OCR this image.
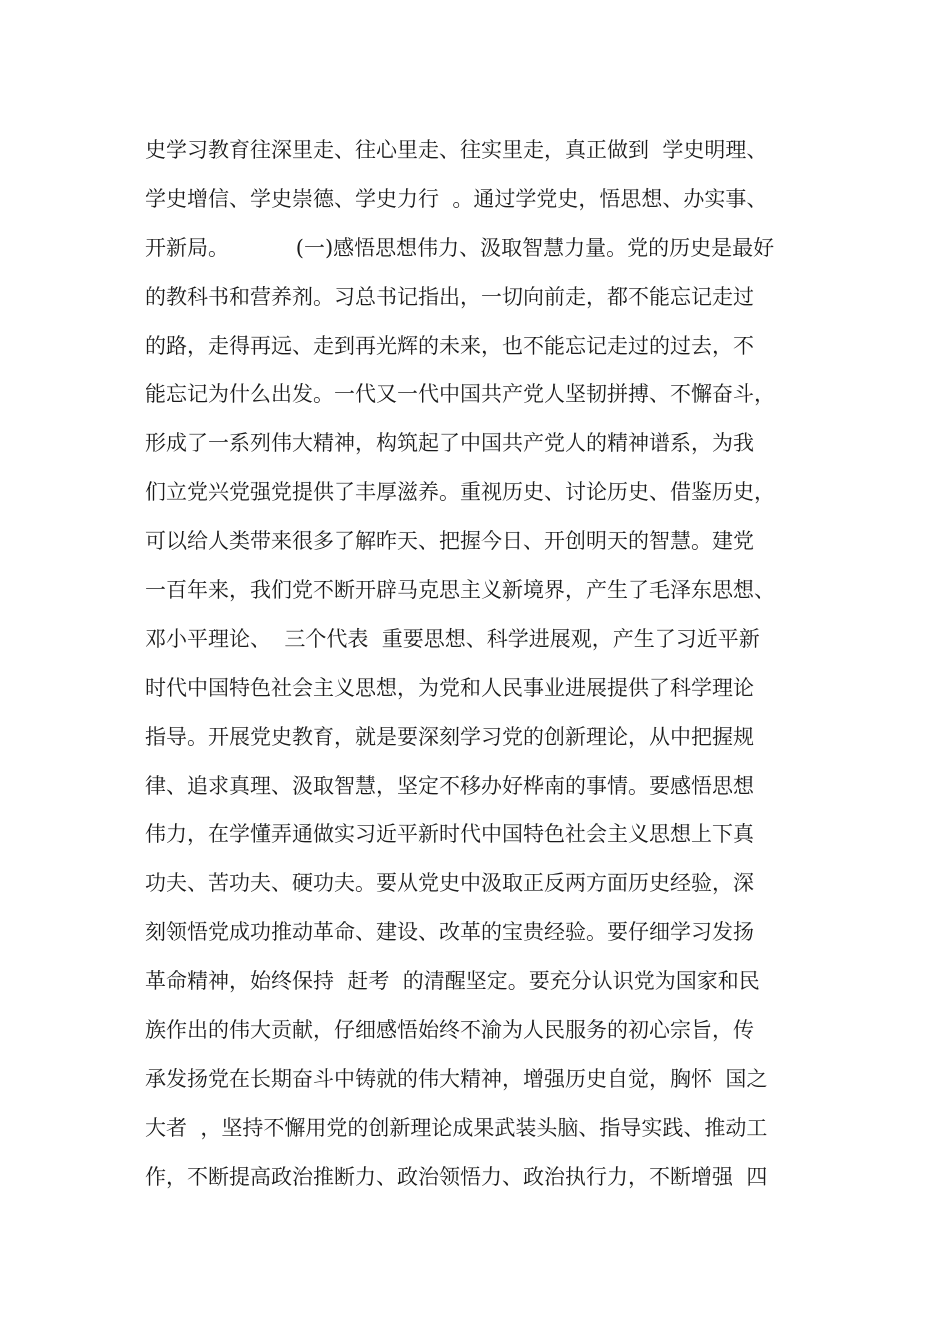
史学习教育往深里走、往心里走、往实里走，真正做到  学史明理、
学史增信、学史崇德、学史力行  。通过学党史，悟思想、办实事、
开新局。          (一)感悟思想伟力、汲取智慧力量。党的历史是最好
的教科书和营养剂。习总书记指出，一切向前走，都不能忘记走过
的路，走得再远、走到再光辉的未来，也不能忘记走过的过去，不
能忘记为什么出发。一代又一代中国共产党人坚韧拼搏、不懈奋斗，
形成了一系列伟大精神，构筑起了中国共产党人的精神谱系，为我
们立党兴党强党提供了丰厚滋养。重视历史、讨论历史、借鉴历史，
可以给人类带来很多了解昨天、把握今日、开创明天的智慧。建党
一百年来，我们党不断开辟马克思主义新境界，产生了毛泽东思想、
邓小平理论、  三个代表  重要思想、科学进展观，产生了习近平新
时代中国特色社会主义思想，为党和人民事业进展提供了科学理论
指导。开展党史教育，就是要深刻学习党的创新理论，从中把握规
律、追求真理、汲取智慧，坚定不移办好桦南的事情。要感悟思想
伟力，在学懂弄通做实习近平新时代中国特色社会主义思想上下真
功夫、苦功夫、硬功夫。要从党史中汲取正反两方面历史经验，深
刻领悟党成功推动革命、建设、改革的宝贵经验。要仔细学习发扬
革命精神，始终保持  赶考  的清醒坚定。要充分认识党为国家和民
族作出的伟大贡献，仔细感悟始终不渝为人民服务的初心宗旨，传
承发扬党在长期奋斗中铸就的伟大精神，增强历史自觉，胸怀  国之
大者  ，坚持不懈用党的创新理论成果武装头脑、指导实践、推动工
作，不断提高政治推断力、政治领悟力、政治执行力，不断增强  四
